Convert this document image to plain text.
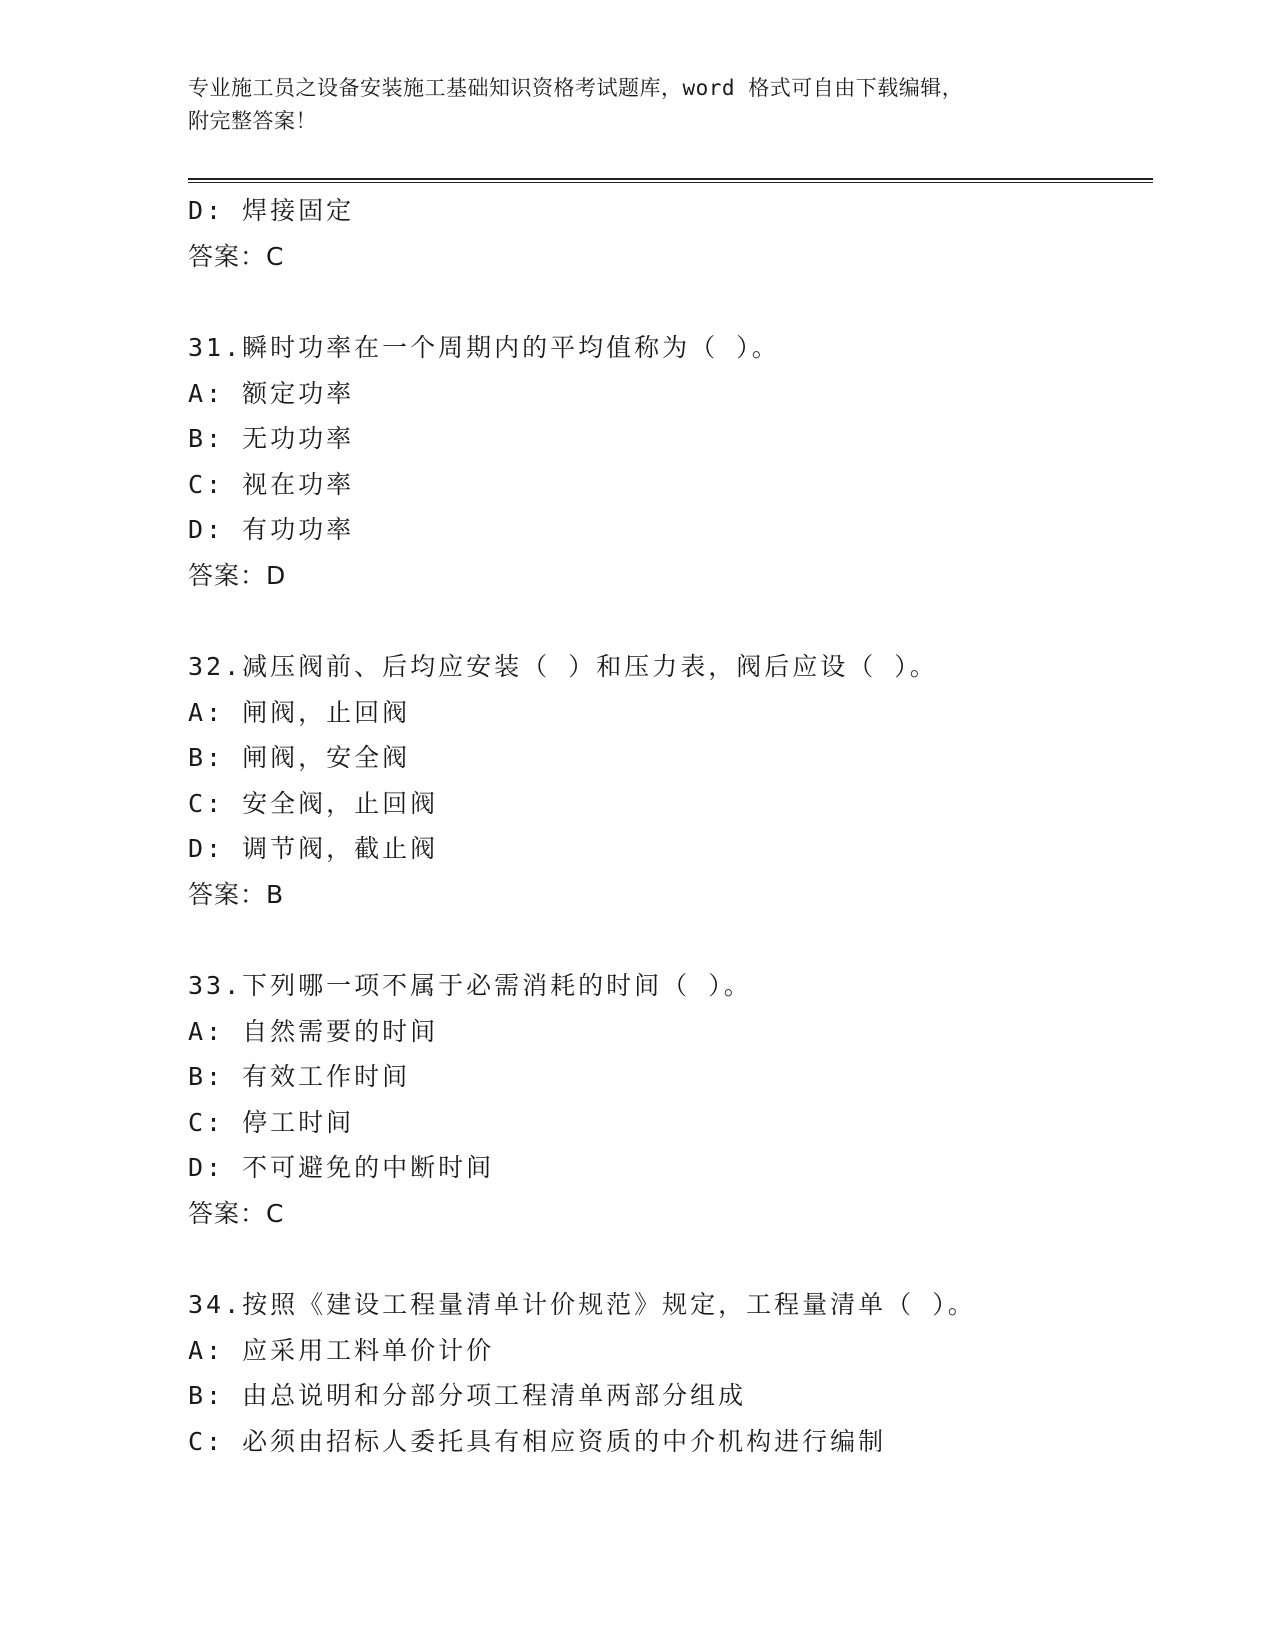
专业施工员之设备安装施工基础知识资格考试题库，word 格式可自由下载编辑，
附完整答案！
D: 焊接固定
答案：C
31.瞬时功率在一个周期内的平均值称为（ ）。
A: 额定功率
B: 无功功率
C: 视在功率
D: 有功功率
答案：D
32.减压阀前、后均应安装（ ）和压力表，阀后应设（ ）。
A: 闸阀，止回阀
B: 闸阀，安全阀
C: 安全阀，止回阀
D: 调节阀，截止阀
答案：B
33.下列哪一项不属于必需消耗的时间（ ）。
A: 自然需要的时间
B: 有效工作时间
C: 停工时间
D: 不可避免的中断时间
答案：C
34.按照《建设工程量清单计价规范》规定，工程量清单（ ）。
A: 应采用工料单价计价
B: 由总说明和分部分项工程清单两部分组成
C: 必须由招标人委托具有相应资质的中介机构进行编制
